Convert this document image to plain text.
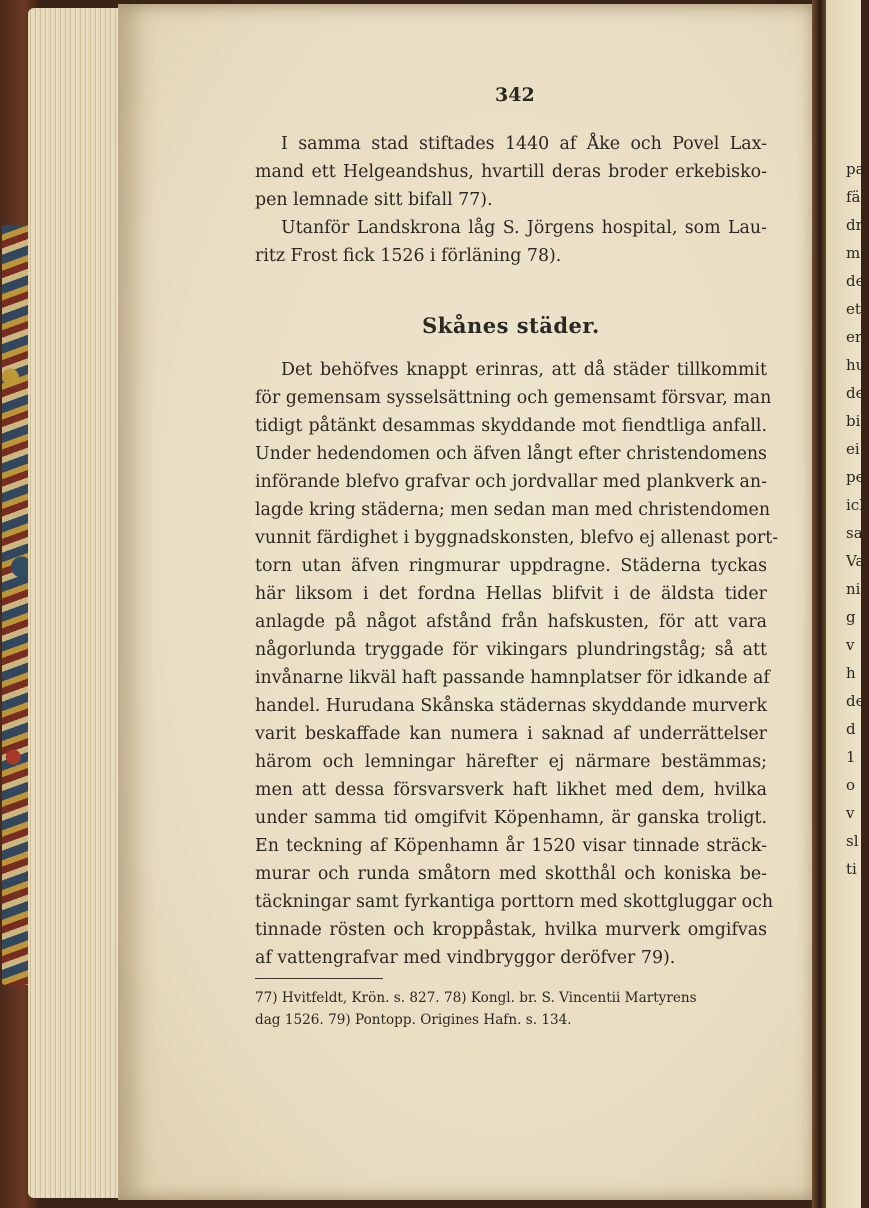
pa
fä
dr
me
de
et
er
hu
de
bi
ei
pe
ick
sa
Va
ni
g
v
h
de
d
1
o
v
sl
ti
342
I samma stad stiftades 1440 af Åke och Povel Lax-
mand ett Helgeandshus, hvartill deras broder erkebisko-
pen lemnade sitt bifall 77).
Utanför Landskrona låg S. Jörgens hospital, som Lau-
ritz Frost fick 1526 i förläning 78).
Skånes städer.
Det behöfves knappt erinras, att då städer tillkommit
för gemensam sysselsättning och gemensamt försvar, man
tidigt påtänkt desammas skyddande mot fiendtliga anfall.
Under hedendomen och äfven långt efter christendomens
införande blefvo grafvar och jordvallar med plankverk an-
lagde kring städerna; men sedan man med christendomen
vunnit färdighet i byggnadskonsten, blefvo ej allenast port-
torn utan äfven ringmurar uppdragne. Städerna tyckas
här liksom i det fordna Hellas blifvit i de äldsta tider
anlagde på något afstånd från hafskusten, för att vara
någorlunda tryggade för vikingars plundringståg; så att
invånarne likväl haft passande hamnplatser för idkande af
handel. Hurudana Skånska städernas skyddande murverk
varit beskaffade kan numera i saknad af underrättelser
härom och lemningar härefter ej närmare bestämmas;
men att dessa försvarsverk haft likhet med dem, hvilka
under samma tid omgifvit Köpenhamn, är ganska troligt.
En teckning af Köpenhamn år 1520 visar tinnade sträck-
murar och runda småtorn med skotthål och koniska be-
täckningar samt fyrkantiga porttorn med skottgluggar och
tinnade rösten och kroppåstak, hvilka murverk omgifvas
af vattengrafvar med vindbryggor deröfver 79).
77) Hvitfeldt, Krön. s. 827. 78) Kongl. br. S. Vincentii Martyrens
dag 1526. 79) Pontopp. Origines Hafn. s. 134.
